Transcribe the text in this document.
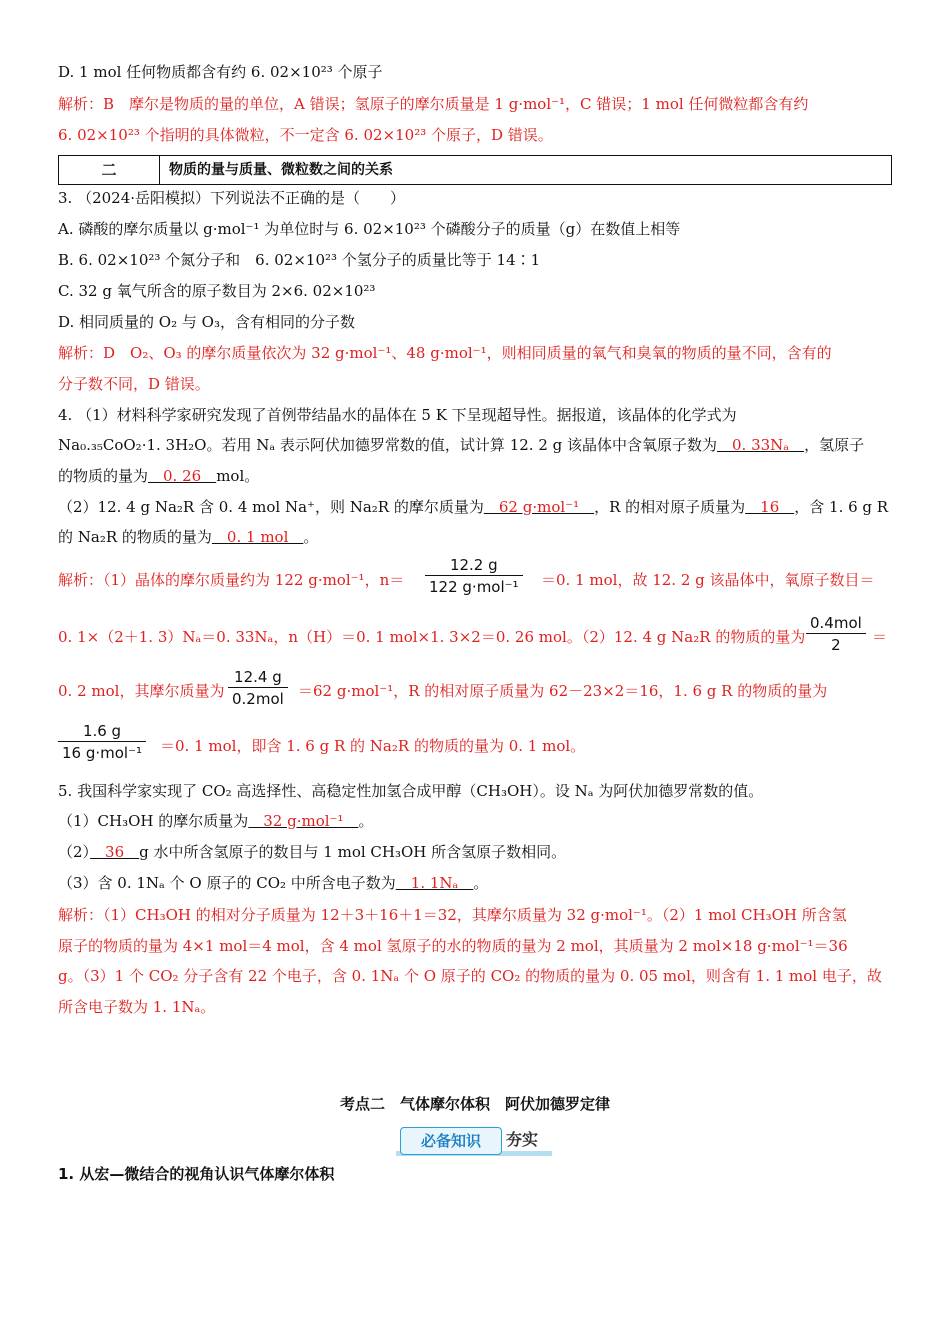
D. 1 mol 任何物质都含有约 6. 02×10²³ 个原子
解析：B　摩尔是物质的量的单位，A 错误；氢原子的摩尔质量是 1 g·mol⁻¹，C 错误；1 mol 任何微粒都含有约
6. 02×10²³ 个指明的具体微粒，不一定含 6. 02×10²³ 个原子，D 错误。
二	物质的量与质量、微粒数之间的关系
3. （2024·岳阳模拟）下列说法不正确的是（　　）
A. 磷酸的摩尔质量以 g·mol⁻¹ 为单位时与 6. 02×10²³ 个磷酸分子的质量（g）在数值上相等
B. 6. 02×10²³ 个氮分子和　6. 02×10²³ 个氢分子的质量比等于 14∶1
C. 32 g 氧气所含的原子数目为 2×6. 02×10²³
D. 相同质量的 O₂ 与 O₃，含有相同的分子数
解析：D　O₂、O₃ 的摩尔质量依次为 32 g·mol⁻¹、48 g·mol⁻¹，则相同质量的氧气和臭氧的物质的量不同，含有的
分子数不同，D 错误。
4. （1）材料科学家研究发现了首例带结晶水的晶体在 5 K 下呈现超导性。据报道，该晶体的化学式为
Na₀.₃₅CoO₂·1. 3H₂O。若用 Nₐ 表示阿伏加德罗常数的值，试计算 12. 2 g 该晶体中含氧原子数为　0. 33Nₐ　，氢原子
的物质的量为　0. 26　mol。
（2）12. 4 g Na₂R 含 0. 4 mol Na⁺，则 Na₂R 的摩尔质量为　62 g·mol⁻¹　，R 的相对原子质量为　16　，含 1. 6 g R
的 Na₂R 的物质的量为　0. 1 mol　。
解析：（1）晶体的摩尔质量约为 122 g·mol⁻¹，n＝
12.2 g
122 g·mol⁻¹ ＝0. 1 mol，故 12. 2 g 该晶体中，氧原子数目＝
0. 1×（2＋1. 3）Nₐ＝0. 33Nₐ，n（H）＝0. 1 mol×1. 3×2＝0. 26 mol。（2）12. 4 g Na₂R 的物质的量为
0.4mol
2	＝
0. 2 mol，其摩尔质量为
12.4 g
0.2mol ＝62 g·mol⁻¹，R 的相对原子质量为 62－23×2＝16，1. 6 g R 的物质的量为
1.6 g
16 g·mol⁻¹ ＝0. 1 mol，即含 1. 6 g R 的 Na₂R 的物质的量为 0. 1 mol。
5. 我国科学家实现了 CO₂ 高选择性、高稳定性加氢合成甲醇（CH₃OH）。设 Nₐ 为阿伏加德罗常数的值。
（1）CH₃OH 的摩尔质量为　32 g·mol⁻¹　。
（2）　36　g 水中所含氢原子的数目与 1 mol CH₃OH 所含氢原子数相同。
（3）含 0. 1Nₐ 个 O 原子的 CO₂ 中所含电子数为　1. 1Nₐ　。
解析：（1）CH₃OH 的相对分子质量为 12＋3＋16＋1＝32，其摩尔质量为 32 g·mol⁻¹。（2）1 mol CH₃OH 所含氢
原子的物质的量为 4×1 mol＝4 mol，含 4 mol 氢原子的水的物质的量为 2 mol，其质量为 2 mol×18 g·mol⁻¹＝36
g。（3）1 个 CO₂ 分子含有 22 个电子，含 0. 1Nₐ 个 O 原子的 CO₂ 的物质的量为 0. 05 mol，则含有 1. 1 mol 电子，故
所含电子数为 1. 1Nₐ。
考点二　气体摩尔体积　阿伏加德罗定律
必备知识	夯实
1. 从宏—微结合的视角认识气体摩尔体积
